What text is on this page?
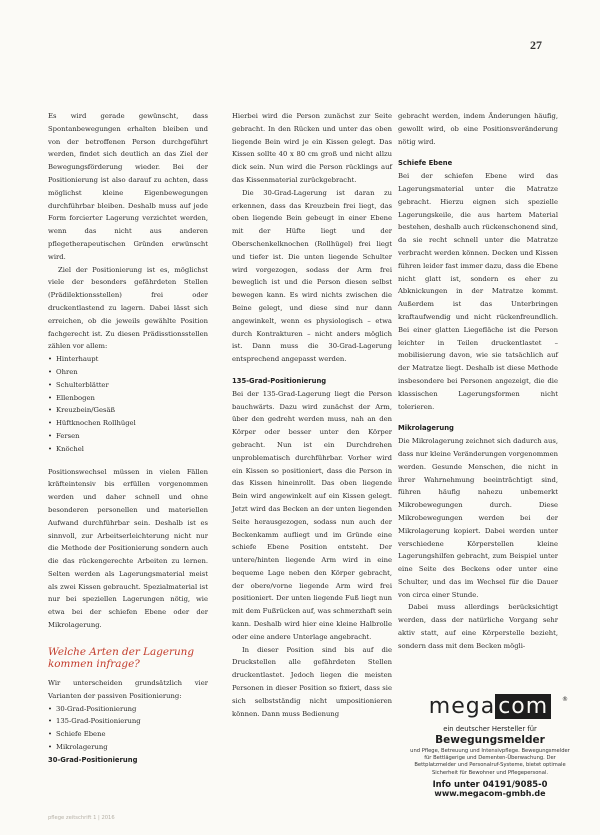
27

Es wird gerade gewünscht, dass Spontanbewegungen erhalten bleiben und von der betroffenen Person durchgeführt werden, findet sich deutlich an das Ziel der Bewegungsförderung wieder. Bei der Positionierung ist also darauf zu achten, dass möglichst kleine Eigenbewegungen durchführbar bleiben. Deshalb muss auf jede Form forcierter Lagerung verzichtet werden, wenn das nicht aus anderen pflegetherapeutischen Gründen erwünscht wird.

Ziel der Positionierung ist es, möglichst viele der besonders gefährdeten Stellen (Prädilektionsstellen) frei oder druckentlastend zu lagern. Dabei lässt sich erreichen, ob die jeweils gewählte Position fachgerecht ist. Zu diesen Prädisstionsstellen zählen vor allem:

• Hinterhaupt
• Ohren
• Schulterblätter
• Ellenbogen
• Kreuzbein/Gesäß
• Hüftknochen Rollhügel
• Fersen
• Knöchel

Positionswechsel müssen in vielen Fällen kräfteintensiv bis erfüllen vorgenommen werden und daher schnell und ohne besonderen personellen und materiellen Aufwand durchführbar sein. Deshalb ist es sinnvoll, zur Arbeitserleichterung nicht nur die Methode der Positionierung sondern auch die das rückengerechte Arbeiten zu lernen. Selten werden als Lagerungsmaterial meist als zwei Kissen gebraucht. Spezialmaterial ist nur bei speziellen Lagerungen nötig, wie etwa bei der schiefen Ebene oder der Mikrolagerung.

Welche Arten der Lagerung kommen infrage?

Wir unterscheiden grundsätzlich vier Varianten der passiven Positionierung:

• 30-Grad-Positionierung
• 135-Grad-Positionierung
• Schiefe Ebene
• Mikrolagerung
30-Grad-Positionierung

Hierbei wird die Person zunächst zur Seite gebracht. In den Rücken und unter das oben liegende Bein wird je ein Kissen gelegt. Das Kissen sollte 40 x 80 cm groß und nicht allzu dick sein. Nun wird die Person rücklings auf das Kissenmaterial zurückgebracht.

Die 30-Grad-Lagerung ist daran zu erkennen, dass das Kreuzbein frei liegt, das oben liegende Bein gebeugt in einer Ebene mit der Hüfte liegt und der Oberschenkelknochen (Rollhügel) frei liegt und tiefer ist. Die unten liegende Schulter wird vorgezogen, sodass der Arm frei beweglich ist und die Person diesen selbst bewegen kann. Es wird nichts zwischen die Beine gelegt, und diese sind nur dann angewinkelt, wenn es physiologisch – etwa durch Kontrakturen – nicht anders möglich ist. Dann muss die 30-Grad-Lagerung entsprechend angepasst werden.

135-Grad-Positionierung

Bei der 135-Grad-Lagerung liegt die Person bauchwärts. Dazu wird zunächst der Arm, über den gedreht werden muss, nah an den Körper oder besser unter den Körper gebracht. Nun ist ein Durchdrehen unproblematisch durchführbar. Vorher wird ein Kissen so positioniert, dass die Person in das Kissen hineinrollt. Das oben liegende Bein wird angewinkelt auf ein Kissen gelegt. Jetzt wird das Becken an der unten liegenden Seite herausgezogen, sodass nun auch der Beckenkamm aufliegt und im Gründe eine schiefe Ebene Position entsteht. Der untere/hinten liegende Arm wird in eine bequeme Lage neben den Körper gebracht, der obere/vorne liegende Arm wird frei positioniert. Der unten liegende Fuß liegt nun mit dem Fußrücken auf, was schmerzhaft sein kann. Deshalb wird hier eine kleine Halbrolle oder eine andere Unterlage angebracht.

In dieser Position sind bis auf die Druckstellen alle gefährdeten Stellen druckentlastet. Jedoch liegen die meisten Personen in dieser Position so fixiert, dass sie sich selbstständig nicht umpositionieren können. Dann muss Bedienung

gebracht werden, indem Änderungen häufig, gewollt wird, ob eine Positionsveränderung nötig wird.

Schiefe Ebene

Bei der schiefen Ebene wird das Lagerungsmaterial unter die Matratze gebracht. Hierzu eignen sich spezielle Lagerungskeile, die aus hartem Material bestehen, deshalb auch rückenschonend sind, da sie recht schnell unter die Matratze verbracht werden können. Decken und Kissen führen leider fast immer dazu, dass die Ebene nicht glatt ist, sondern es eher zu Abknickungen in der Matratze kommt. Außerdem ist das Unterbringen kraftaufwendig und nicht rückenfreundlich. Bei einer glatten Liegefläche ist die Person leichter in Teilen druckentlastet – mobilisierung davon, wie sie tatsächlich auf der Matratze liegt. Deshalb ist diese Methode insbesondere bei Personen angezeigt, die die klassischen Lagerungsformen nicht tolerieren.

Mikrolagerung

Die Mikrolagerung zeichnet sich dadurch aus, dass nur kleine Veränderungen vorgenommen werden. Gesunde Menschen, die nicht in ihrer Wahrnehmung beeinträchtigt sind, führen häufig nahezu unbemerkt Mikrobewegungen durch. Diese Mikrobewegungen werden bei der Mikrolagerung kopiert. Dabei werden unter verschiedene Körperstellen kleine Lagerungshilfen gebracht, zum Beispiel unter eine Seite des Beckens oder unter eine Schulter, und das im Wechsel für die Dauer von circa einer Stunde.

Dabei muss allerdings berücksichtigt werden, dass der natürliche Vorgang sehr aktiv statt, auf eine Körperstelle bezieht, sondern dass mit dem Becken mögli-

mega com	®
ein deutscher Hersteller für
Bewegungsmelder
und Pflege, Betreuung und Intensivpflege. Bewegungsmelder für Bettlägerige und Dementen-Überwachung. Der Bettplatzmelder und Personalruf-Systeme, bietet optimale Sicherheit für Bewohner und Pflegepersonal.
Info unter 04191/9085-0
www.megacom-gmbh.de
pflege zeitschrift 1 | 2016
